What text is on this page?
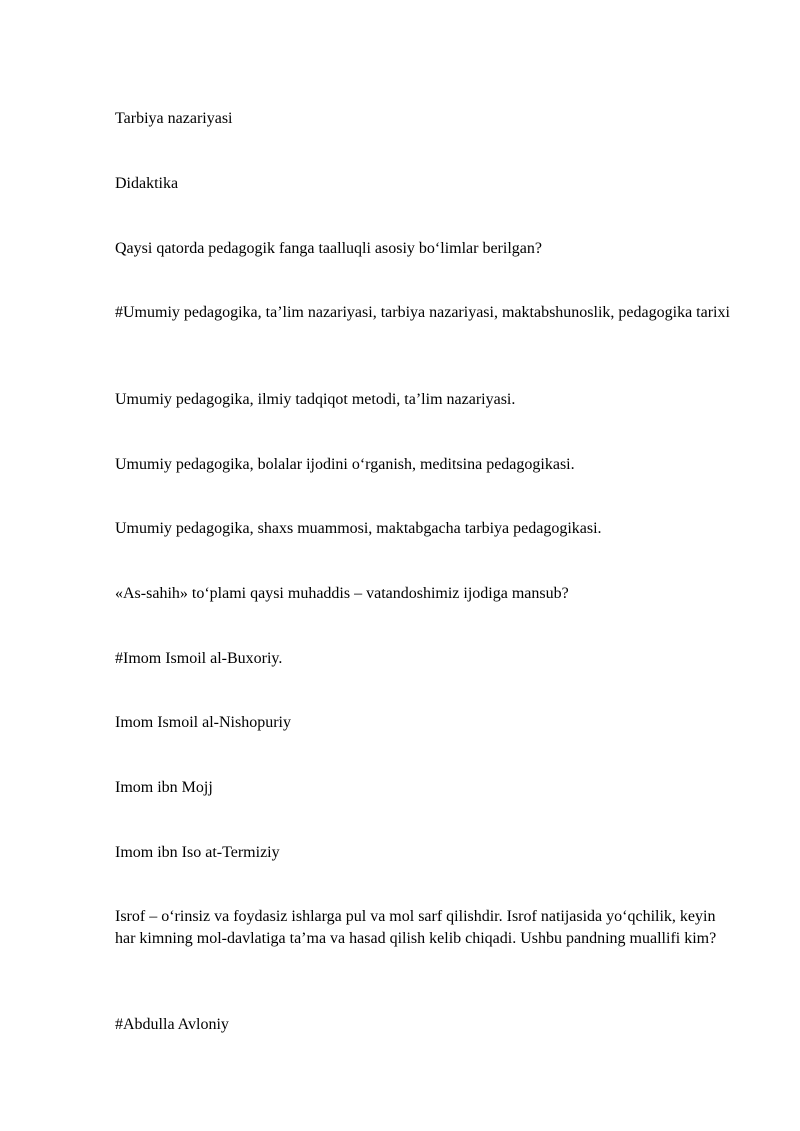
Tarbiya nazariyasi

Didaktika

Qaysi qatorda pedagogik fanga taalluqli asosiy bo‘limlar berilgan?

#Umumiy pedagogika, ta’lim nazariyasi, tarbiya nazariyasi, maktabshunoslik, pedagogika tarixi

Umumiy pedagogika, ilmiy tadqiqot metodi, ta’lim nazariyasi.

Umumiy pedagogika, bolalar ijodini o‘rganish, meditsina pedagogikasi.

Umumiy pedagogika, shaxs muammosi, maktabgacha tarbiya pedagogikasi.

«As-sahih» to‘plami qaysi muhaddis – vatandoshimiz ijodiga mansub?

#Imom Ismoil al-Buxoriy.

Imom Ismoil al-Nishopuriy

Imom ibn Mojj

Imom ibn Iso at-Termiziy

Isrof – o‘rinsiz va foydasiz ishlarga pul va mol sarf qilishdir. Isrof natijasida yo‘qchilik, keyin har kimning mol-davlatiga ta’ma va hasad qilish kelib chiqadi. Ushbu pandning muallifi kim?

#Abdulla Avloniy
